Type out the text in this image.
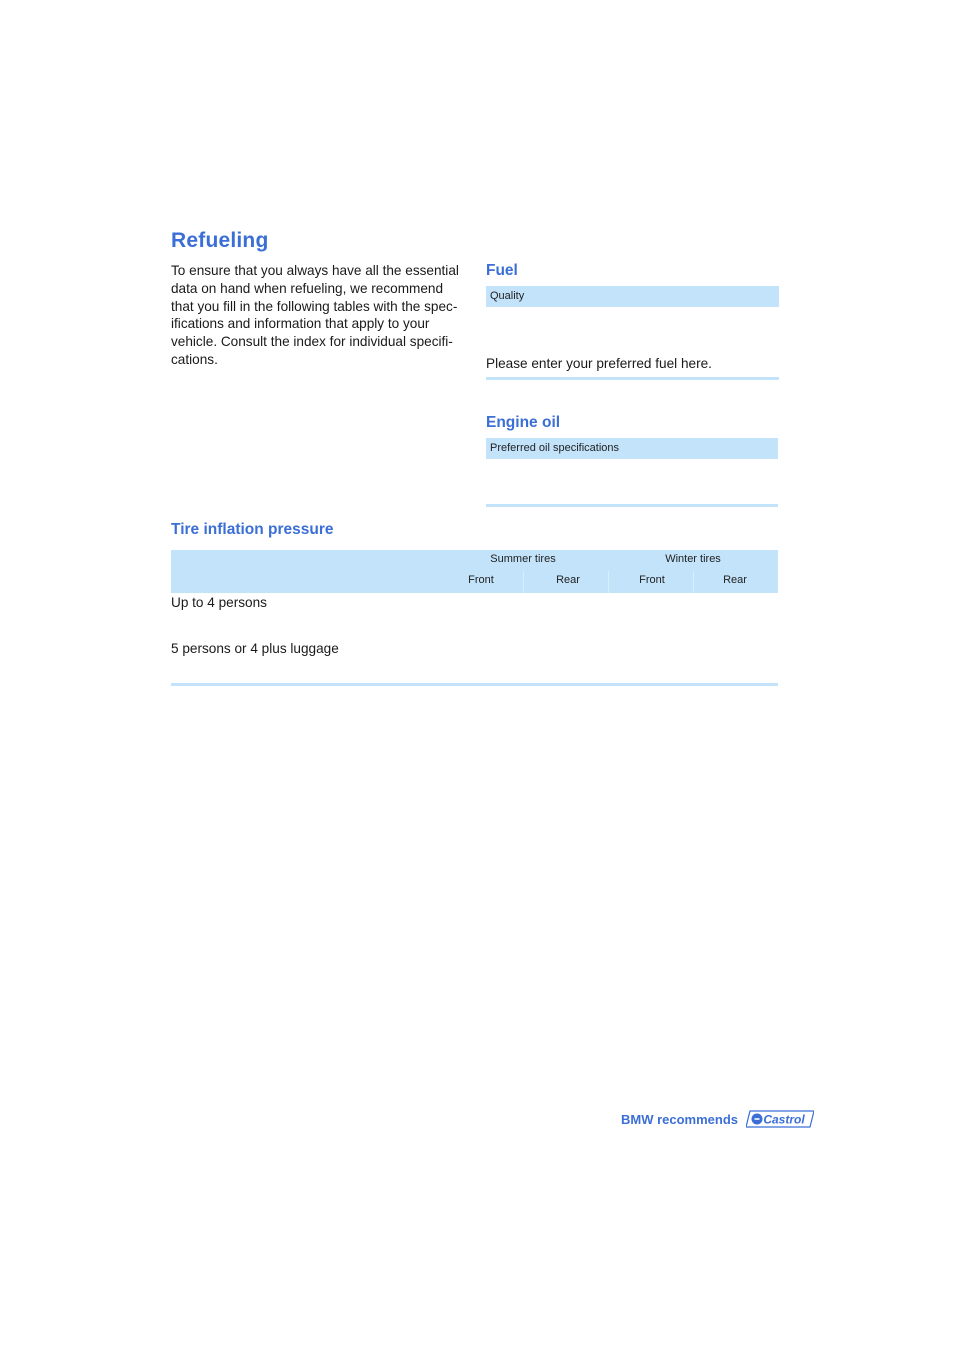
Refueling

To ensure that you always have all the essential data on hand when refueling, we recommend that you fill in the following tables with the spec-ifications and information that apply to your vehicle. Consult the index for individual specifi-cations.

Fuel
Quality
Please enter your preferred fuel here.
Engine oil
Preferred oil specifications
Tire inflation pressure
Summer tires	Winter tires
Front	Rear	Front	Rear
Up to 4 persons
5 persons or 4 plus luggage
BMW recommends Castrol
